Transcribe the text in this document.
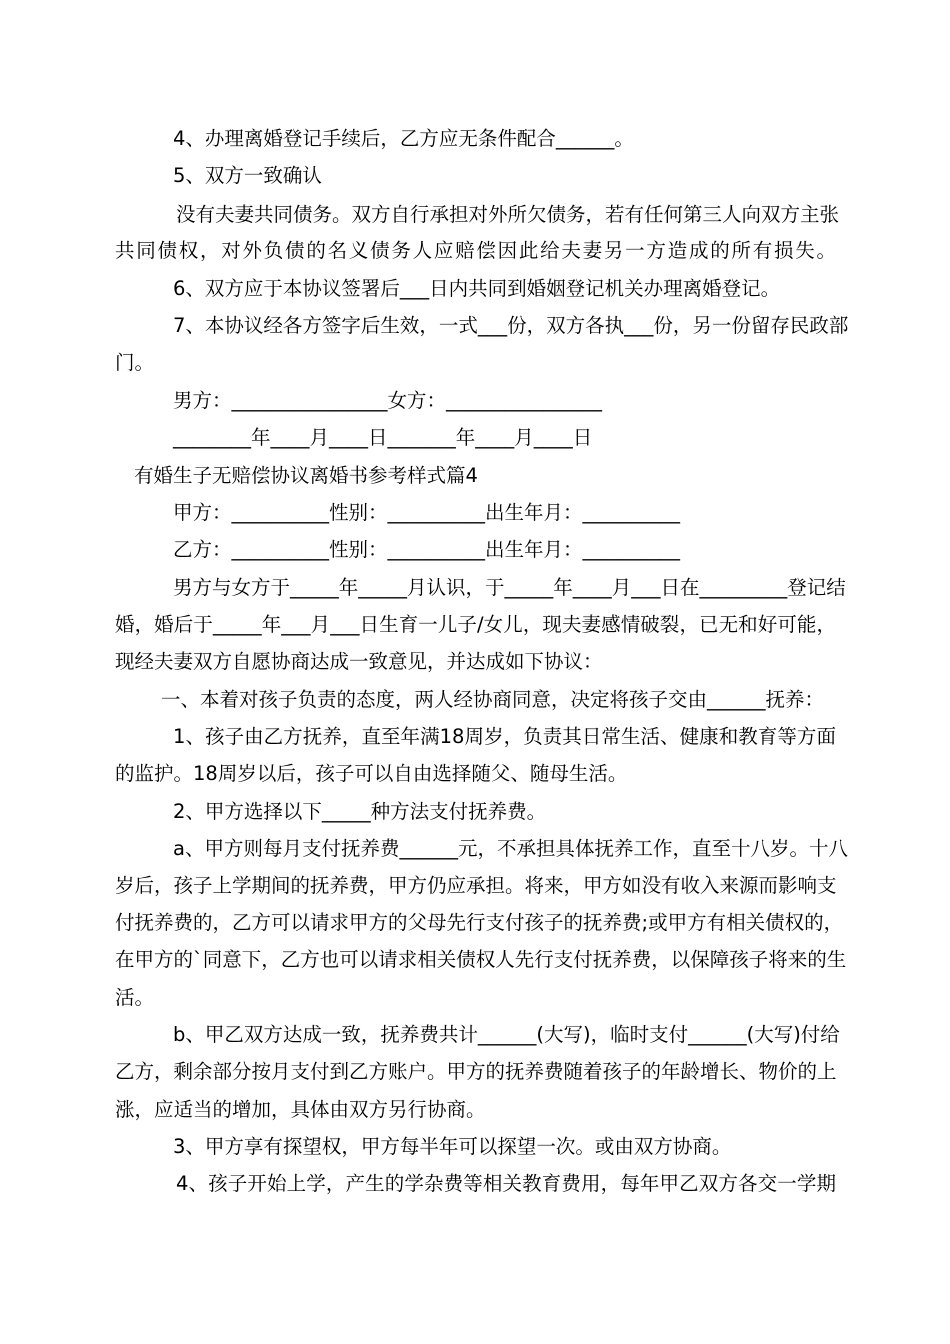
4、办理离婚登记手续后，乙方应无条件配合______。
5、双方一致确认
没有夫妻共同债务。双方自行承担对外所欠债务，若有任何第三人向双方主张
共同债权，对外负债的名义债务人应赔偿因此给夫妻另一方造成的所有损失。
6、双方应于本协议签署后___日内共同到婚姻登记机关办理离婚登记。
7、本协议经各方签字后生效，一式___份，双方各执___份，另一份留存民政部
门。
男方：________________女方：________________
________年____月____日_______年____月____日
有婚生子无赔偿协议离婚书参考样式篇4
甲方：__________性别：__________出生年月：__________
乙方：__________性别：__________出生年月：__________
男方与女方于_____年_____月认识，于_____年____月___日在_________登记结
婚，婚后于_____年___月___日生育一儿子/女儿，现夫妻感情破裂，已无和好可能，
现经夫妻双方自愿协商达成一致意见，并达成如下协议：
一、本着对孩子负责的态度，两人经协商同意，决定将孩子交由______抚养：
1、孩子由乙方抚养，直至年满18周岁，负责其日常生活、健康和教育等方面
的监护。18周岁以后，孩子可以自由选择随父、随母生活。
2、甲方选择以下_____种方法支付抚养费。
a、甲方则每月支付抚养费______元，不承担具体抚养工作，直至十八岁。十八
岁后，孩子上学期间的抚养费，甲方仍应承担。将来，甲方如没有收入来源而影响支
付抚养费的，乙方可以请求甲方的父母先行支付孩子的抚养费;或甲方有相关债权的，
在甲方的`同意下，乙方也可以请求相关债权人先行支付抚养费，以保障孩子将来的生
活。
b、甲乙双方达成一致，抚养费共计______(大写)，临时支付______(大写)付给
乙方，剩余部分按月支付到乙方账户。甲方的抚养费随着孩子的年龄增长、物价的上
涨，应适当的增加，具体由双方另行协商。
3、甲方享有探望权，甲方每半年可以探望一次。或由双方协商。
4、孩子开始上学，产生的学杂费等相关教育费用，每年甲乙双方各交一学期
